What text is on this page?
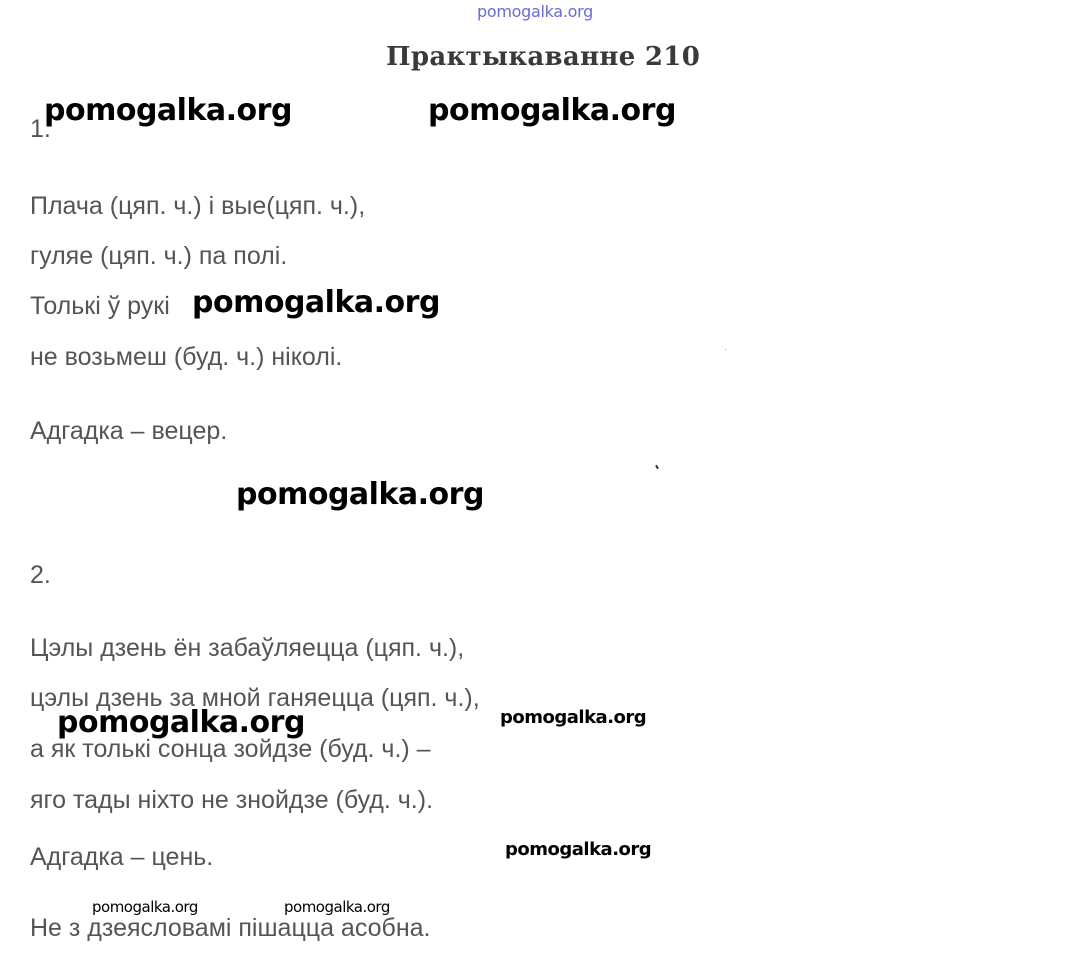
pomogalka.org
Практыкаванне 210
1.
Плача (цяп. ч.) і вые(цяп. ч.),
гуляе (цяп. ч.) па полі.
Толькі ў рукі
не возьмеш (буд. ч.) ніколі.
Адгадка – вецер.
2.
Цэлы дзень ён забаўляецца (цяп. ч.),
цэлы дзень за мной ганяецца (цяп. ч.),
а як толькі сонца зойдзе (буд. ч.) –
яго тады ніхто не знойдзе (буд. ч.).
Адгадка – цень.
Не з дзеясловамі пішацца асобна.
pomogalka.org	pomogalka.org
pomogalka.org
pomogalka.org
pomogalka.org	pomogalka.org
pomogalka.org
pomogalka.org	pomogalka.org
